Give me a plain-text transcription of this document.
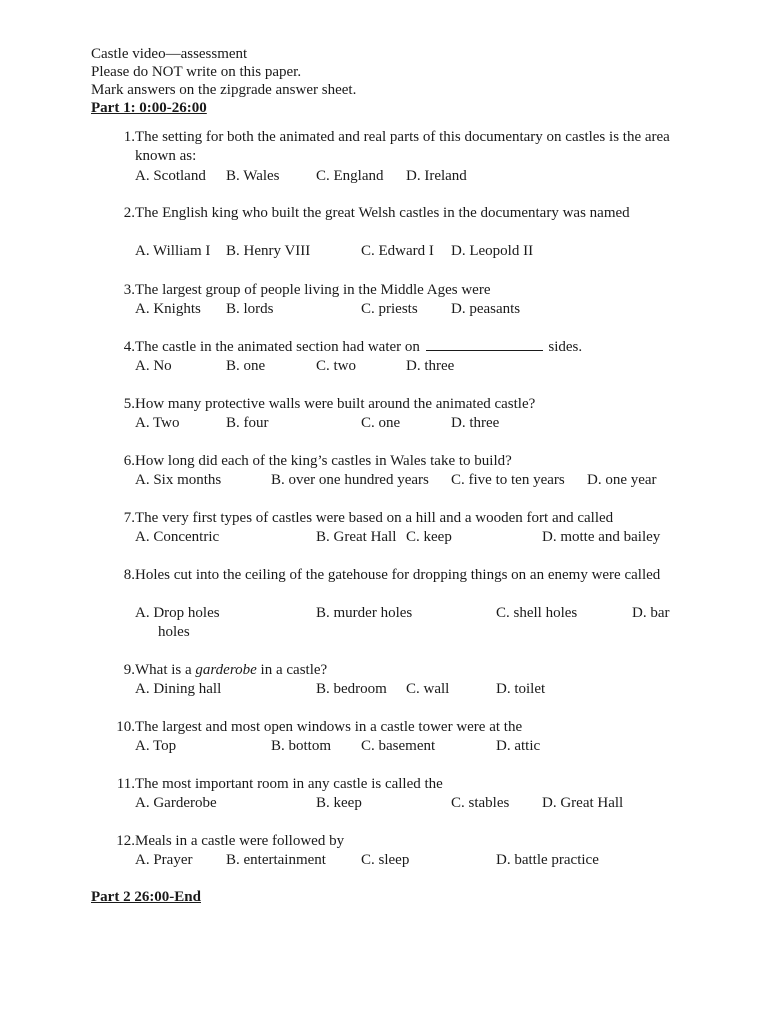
Castle video—assessment
Please do NOT write on this paper.
Mark answers on the zipgrade answer sheet.
Part 1: 0:00-26:00
1. The setting for both the animated and real parts of this documentary on castles is the area known as:
A. Scotland B. Wales C. England D. Ireland
2. The English king who built the great Welsh castles in the documentary was named
A. William I B. Henry VIII	C. Edward I D. Leopold II
3. The largest group of people living in the Middle Ages were
A. Knights B. lords	C. priests D. peasants
4. The castle in the animated section had water on	sides.
A. No	B. one	C. two	D. three
5. How many protective walls were built around the animated castle?
A. Two	B. four	C. one	D. three
6. How long did each of the king’s castles in Wales take to build?
A. Six months	B. over one hundred years C. five to ten years D. one year
7. The very first types of castles were based on a hill and a wooden fort and called
A. Concentric	B. Great Hall C. keep	D. motte and bailey
8. Holes cut into the ceiling of the gatehouse for dropping things on an enemy were called
A. Drop holes	B. murder holes	C. shell holes	D. bar
holes
9. What is a garderobe in a castle?
A. Dining hall	B. bedroom C. wall	D. toilet
10. The largest and most open windows in a castle tower were at the
A. Top	B. bottom C. basement	D. attic
11. The most important room in any castle is called the
A. Garderobe	B. keep	C. stables D. Great Hall
12. Meals in a castle were followed by
A. Prayer B. entertainment C. sleep	D. battle practice
Part 2 26:00-End
